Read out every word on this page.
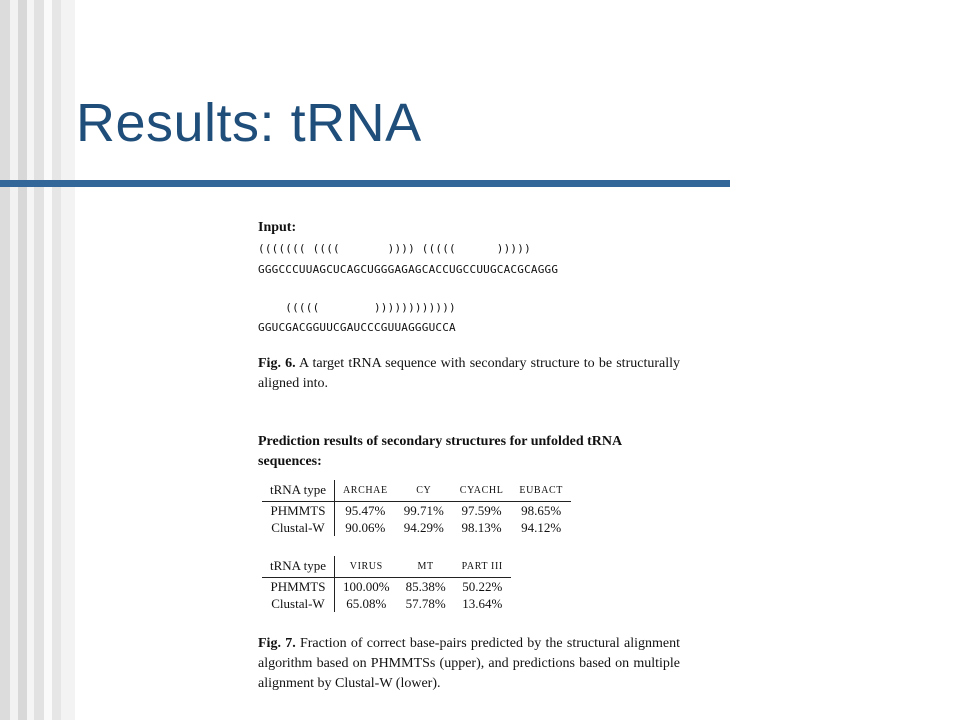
Results: tRNA
Input:
((((((( ((((       )))) (((((      )))))
GGGCCCUUAGCUCAGCUGGGAGAGCACCUGCCUUGCACGCAGGG
(((((        ))))))))))))
GGUCGACGGUUCGAUCCCGUUAGGGUCCA
Fig. 6. A target tRNA sequence with secondary structure to be structurally aligned into.
Prediction results of secondary structures for unfolded tRNA sequences:
tRNA type	ARCHAE	CY	CYACHL	EUBACT
PHMMTS	95.47%	99.71%	97.59%	98.65%
Clustal-W	90.06%	94.29%	98.13%	94.12%
tRNA type	VIRUS	MT	PART III
PHMMTS	100.00%	85.38%	50.22%
Clustal-W	65.08%	57.78%	13.64%
Fig. 7. Fraction of correct base-pairs predicted by the structural alignment algorithm based on PHMMTSs (upper), and predictions based on multiple alignment by Clustal-W (lower).
